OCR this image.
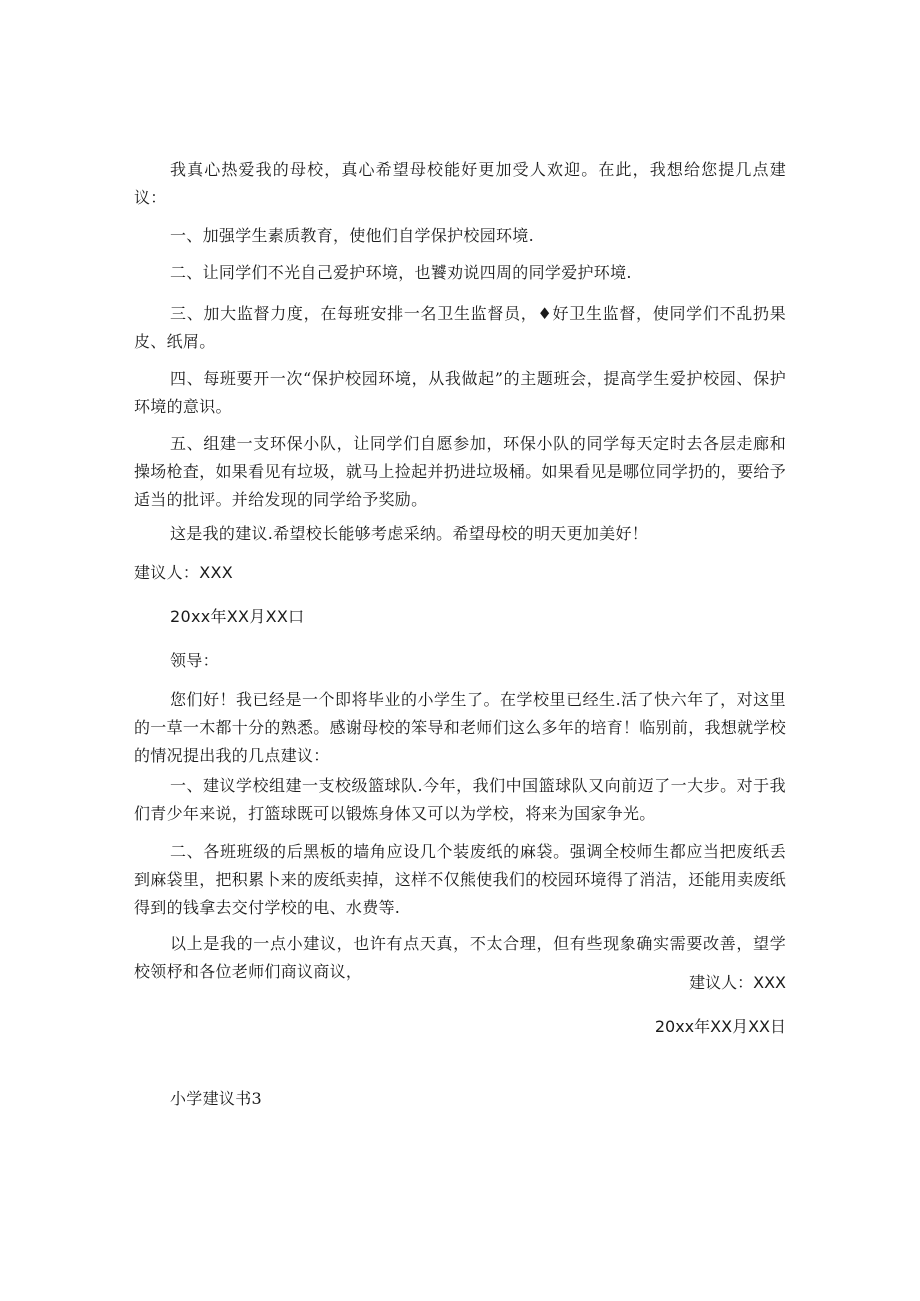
我真心热爱我的母校，真心希望母校能好更加受人欢迎。在此，我想给您提几点建议：

一、加强学生素质教育，使他们自学保护校园环境.

二、让同学们不光自己爱护环境，也饕劝说四周的同学爱护环境.

三、加大监督力度，在每班安排一名卫生监督员，♦好卫生监督，使同学们不乱扔果皮、纸屑。

四、每班要开一次“保护校园环境，从我做起”的主题班会，提高学生爱护校园、保护环境的意识。

五、组建一支环保小队，让同学们自愿参加，环保小队的同学每天定时去各层走廊和操场枪査，如果看见有垃圾，就马上捡起并扔进垃圾桶。如果看见是哪位同学扔的，要给予适当的批评。并给发现的同学给予奖励。

这是我的建议.希望校长能够考虑采纳。希望母校的明天更加美好！

建议人：XXX

20xx年XX月XX口

领导：

您们好！我已经是一个即将毕业的小学生了。在学校里已经生.活了快六年了，对这里的一草一木都十分的熟悉。感谢母校的笨导和老师们这么多年的培育！临别前，我想就学校的情况提出我的几点建议：

一、建议学校组建一支校级篮球队.今年，我们中国篮球队又向前迈了一大步。对于我们青少年来说，打篮球既可以锻炼身体又可以为学校，将来为国家争光。

二、各班班级的后黑板的墙角应设几个装废纸的麻袋。强调全校师生都应当把废纸丢到麻袋里，把积累卜来的废纸卖掉，这样不仅熊使我们的校园环境得了消洁，还能用卖废纸得到的钱拿去交付学校的电、水费等.

以上是我的一点小建议，也许有点天真，不太合理，但有些现象确实需要改善，望学校领杼和各位老师们商议商议，

建议人：XXX

20xx年XX月XX日

小学建议书3
